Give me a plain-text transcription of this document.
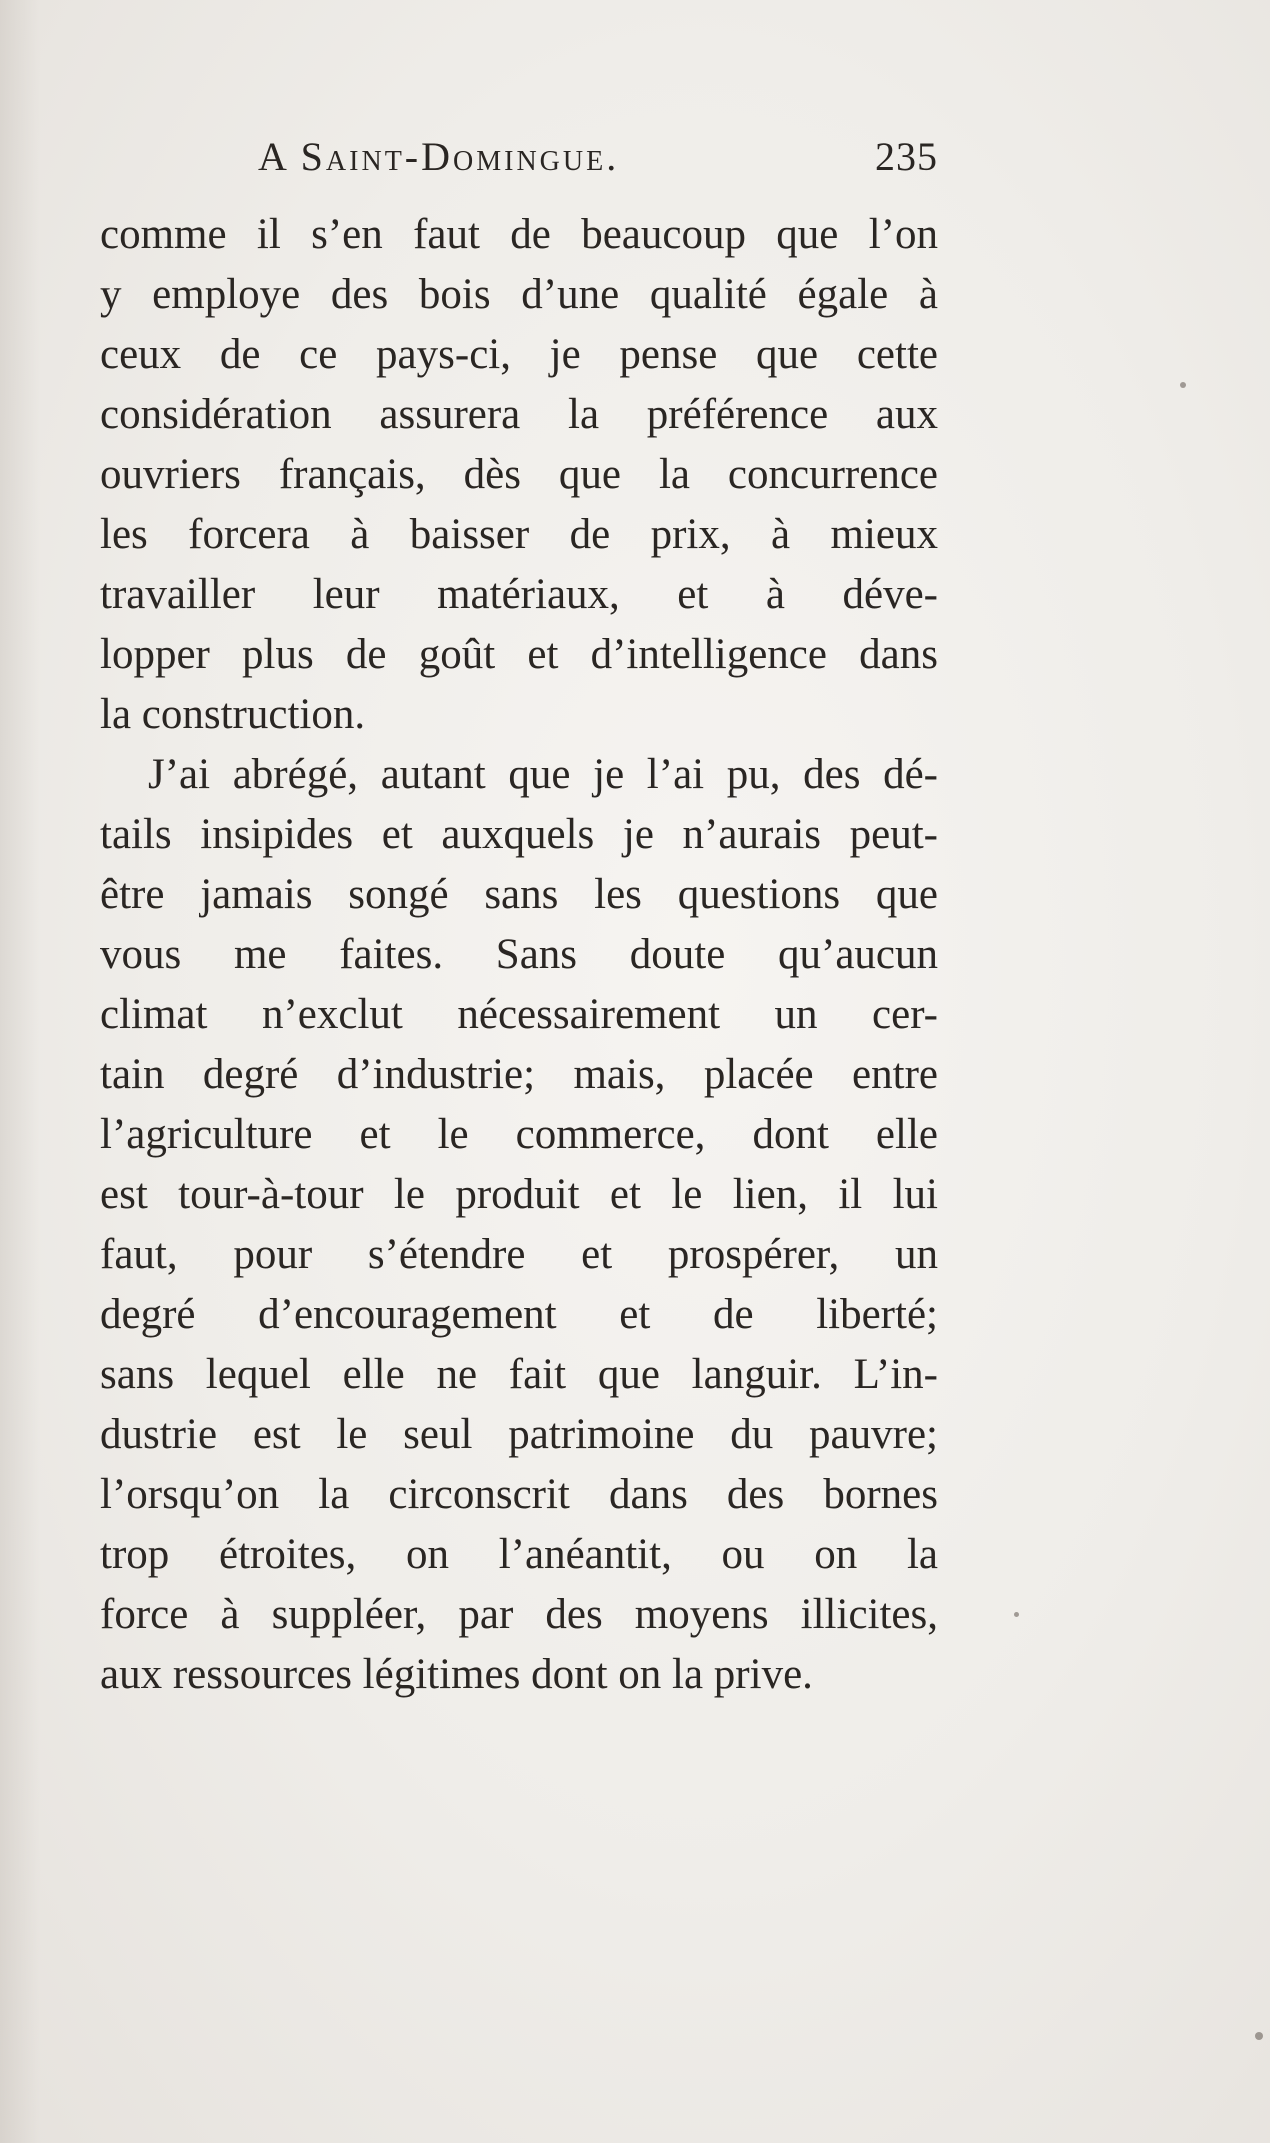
A Saint-Domingue.	235
comme il s’en faut de beaucoup que l’on
y employe des bois d’une qualité égale à
ceux de ce pays-ci, je pense que cette
considération assurera la préférence aux
ouvriers français, dès que la concurrence
les forcera à baisser de prix, à mieux
travailler leur matériaux, et à déve-
lopper plus de goût et d’intelligence dans
la construction.
J’ai abrégé, autant que je l’ai pu, des dé-
tails insipides et auxquels je n’aurais peut-
être jamais songé sans les questions que
vous me faites. Sans doute qu’aucun
climat n’exclut nécessairement un cer-
tain degré d’industrie; mais, placée entre
l’agriculture et le commerce, dont elle
est tour-à-tour le produit et le lien, il lui
faut, pour s’étendre et prospérer, un
degré d’encouragement et de liberté;
sans lequel elle ne fait que languir. L’in-
dustrie est le seul patrimoine du pauvre;
l’orsqu’on la circonscrit dans des bornes
trop étroites, on l’anéantit, ou on la
force à suppléer, par des moyens illicites,
aux ressources légitimes dont on la prive.
